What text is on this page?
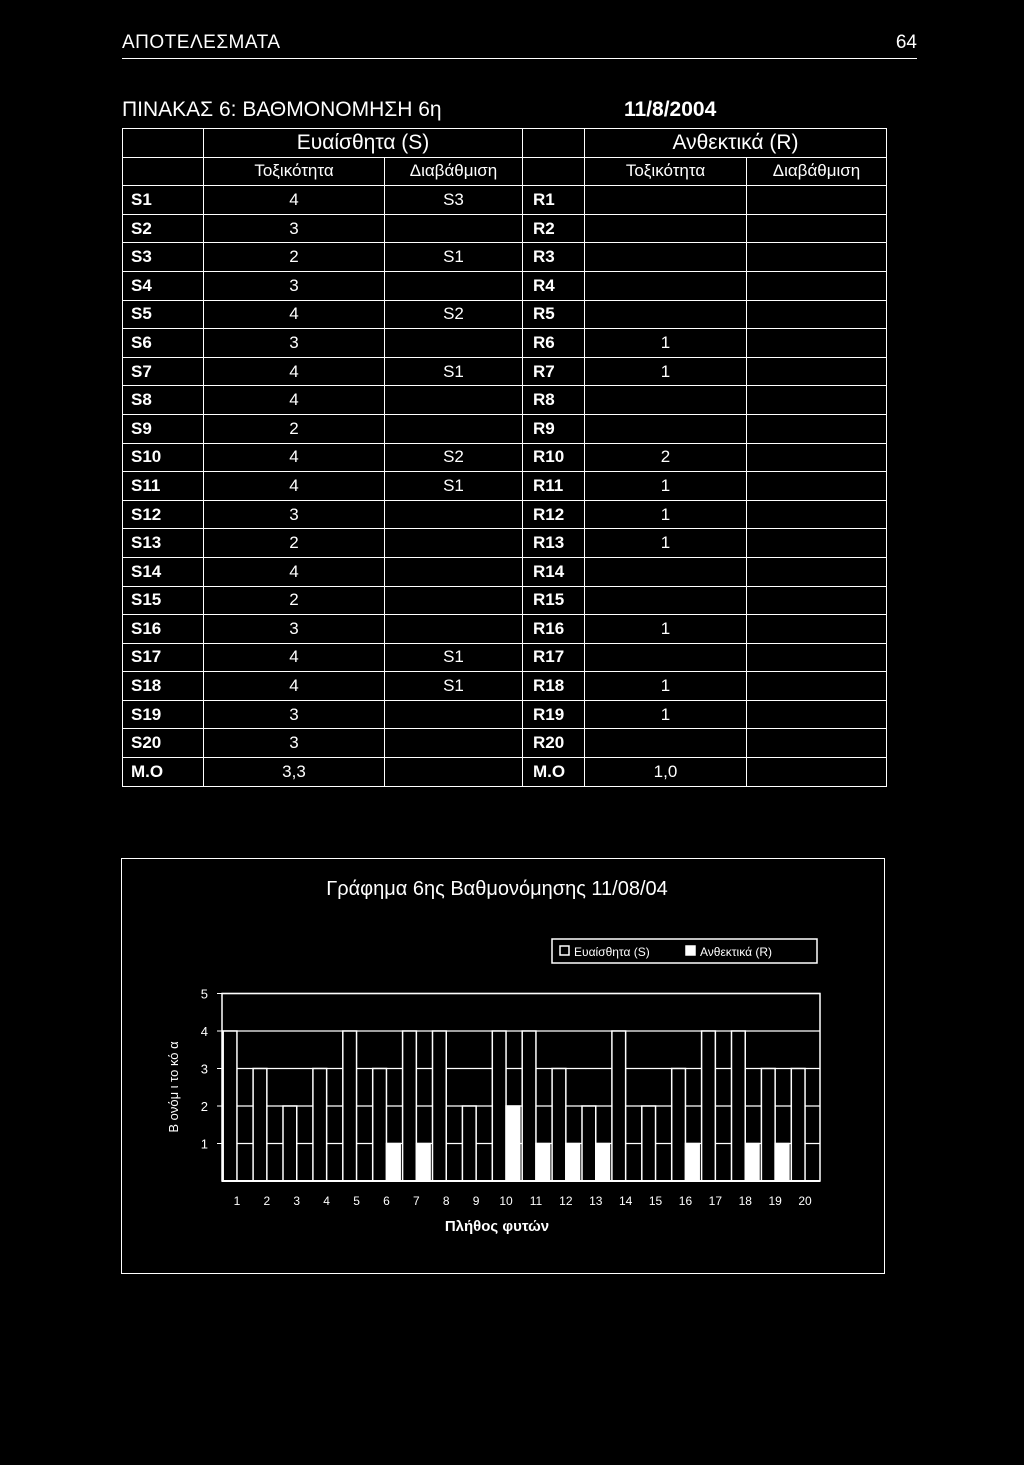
ΑΠΟΤΕΛΕΣΜΑΤΑ	64
ΠΙΝΑΚΑΣ 6: ΒΑΘΜΟΝΟΜΗΣΗ 6η	11/8/2004
	Ευαίσθητα (S)			Ανθεκτικά (R)	
	Τοξικότητα	Διαβάθμιση		Τοξικότητα	Διαβάθμιση
S1	4	S3	R1		
S2	3		R2		
S3	2	S1	R3		
S4	3		R4		
S5	4	S2	R5		
S6	3		R6	1	
S7	4	S1	R7	1	
S8	4		R8		
S9	2		R9		
S10	4	S2	R10	2	
S11	4	S1	R11	1	
S12	3		R12	1	
S13	2		R13	1	
S14	4		R14		
S15	2		R15		
S16	3		R16	1	
S17	4	S1	R17		
S18	4	S1	R18	1	
S19	3		R19	1	
S20	3		R20		
Μ.Ο	3,3		Μ.Ο	1,0	
Γράφημα 6ης Βαθμονόμησης 11/08/04
Β ονόμ ι το κό α
1
2
3
4
5
1 2 3 4 5 6 7 8 9 10 11 12 13 14 15 16 17 18 19 20
Ευαίσθητα (S)	Ανθεκτικά (R)
Πλήθος φυτών
